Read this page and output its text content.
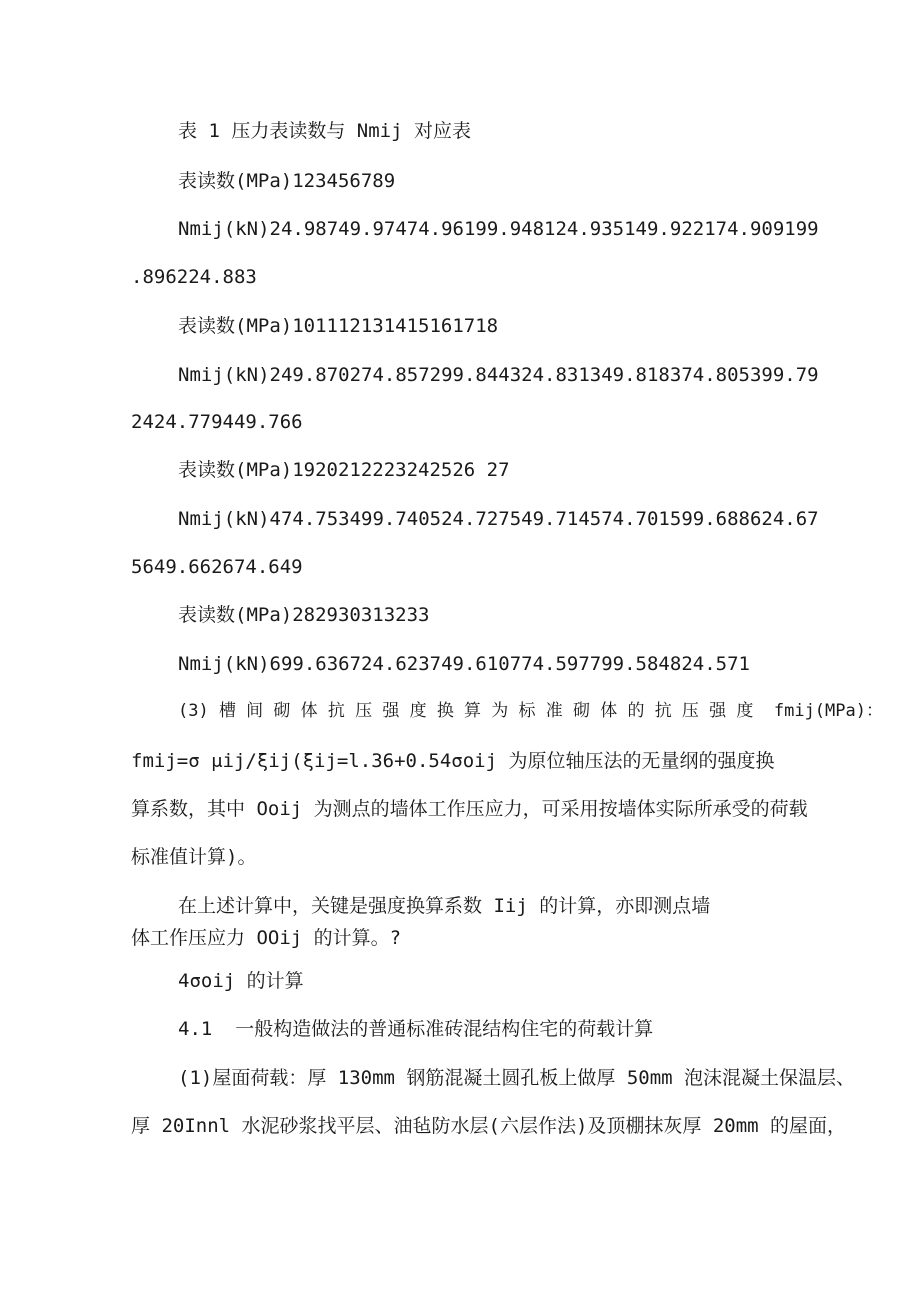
表 1 压力表读数与 Nmij 对应表
表读数(MPa)123456789
Nmij(kN)24.98749.97474.96199.948124.935149.922174.909199
.896224.883
表读数(MPa)101112131415161718
Nmij(kN)249.870274.857299.844324.831349.818374.805399.79
2424.779449.766
表读数(MPa)1920212223242526 27
Nmij(kN)474.753499.740524.727549.714574.701599.688624.67
5649.662674.649
表读数(MPa)282930313233
Nmij(kN)699.636724.623749.610774.597799.584824.571
(3) 槽 间 砌 体 抗 压 强 度 换 算 为 标 准 砌 体 的 抗 压 强 度  fmij(MPa)：
fmij=σ μij/ξij(ξij=l.36+0.54σoij 为原位轴压法的无量纲的强度换
算系数，其中 Ooij 为测点的墙体工作压应力，可采用按墙体实际所承受的荷载
标准值计算)。
在上述计算中，关键是强度换算系数 Iij 的计算，亦即测点墙
体工作压应力 OOij 的计算。?
4σoij 的计算
4.1  一般构造做法的普通标准砖混结构住宅的荷载计算
(1)屋面荷载：厚 130mm 钢筋混凝土圆孔板上做厚 50mm 泡沫混凝土保温层、
厚 20Innl 水泥砂浆找平层、油毡防水层(六层作法)及顶棚抹灰厚 20mm 的屋面，
